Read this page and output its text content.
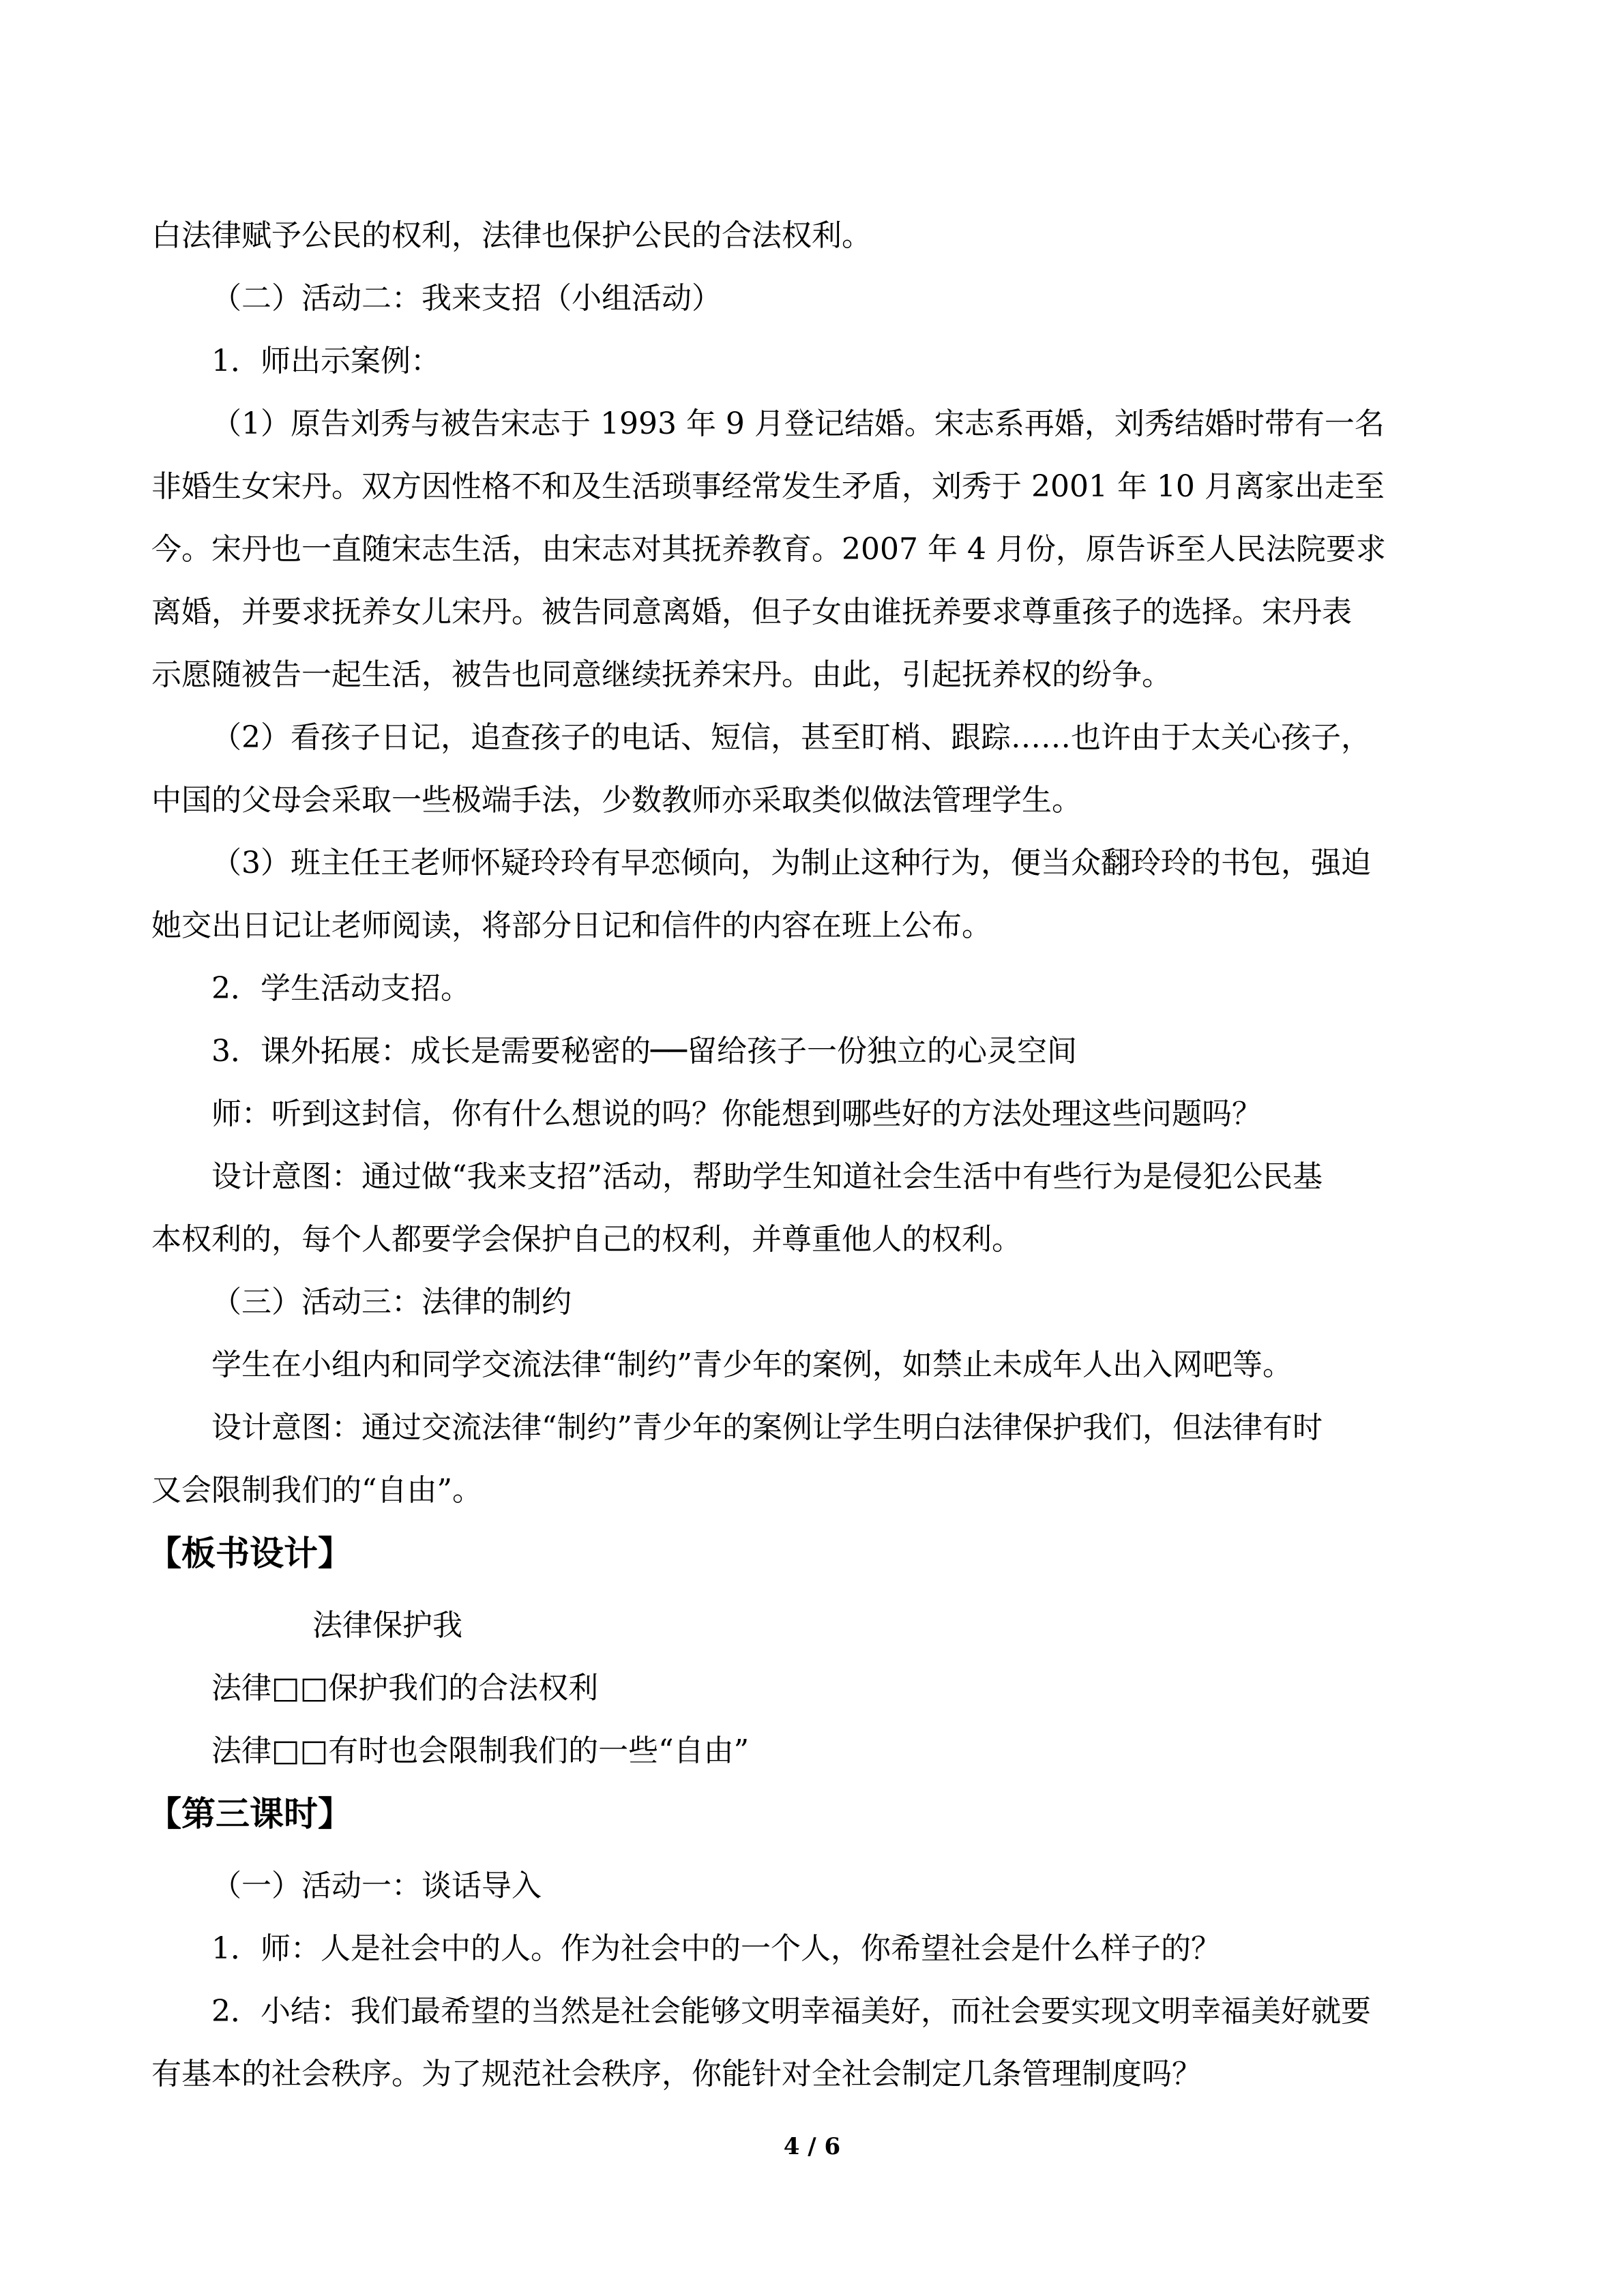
白法律赋予公民的权利，法律也保护公民的合法权利。
（二）活动二：我来支招（小组活动）
1．师出示案例：
（1）原告刘秀与被告宋志于 1993 年 9 月登记结婚。宋志系再婚，刘秀结婚时带有一名
非婚生女宋丹。双方因性格不和及生活琐事经常发生矛盾，刘秀于 2001 年 10 月离家出走至
今。宋丹也一直随宋志生活，由宋志对其抚养教育。2007 年 4 月份，原告诉至人民法院要求
离婚，并要求抚养女儿宋丹。被告同意离婚，但子女由谁抚养要求尊重孩子的选择。宋丹表
示愿随被告一起生活，被告也同意继续抚养宋丹。由此，引起抚养权的纷争。
（2）看孩子日记，追查孩子的电话、短信，甚至盯梢、跟踪……也许由于太关心孩子，
中国的父母会采取一些极端手法，少数教师亦采取类似做法管理学生。
（3）班主任王老师怀疑玲玲有早恋倾向，为制止这种行为，便当众翻玲玲的书包，强迫
她交出日记让老师阅读，将部分日记和信件的内容在班上公布。
2．学生活动支招。
3．课外拓展：成长是需要秘密的──留给孩子一份独立的心灵空间
师：听到这封信，你有什么想说的吗？你能想到哪些好的方法处理这些问题吗？
设计意图：通过做“我来支招”活动，帮助学生知道社会生活中有些行为是侵犯公民基
本权利的，每个人都要学会保护自己的权利，并尊重他人的权利。
（三）活动三：法律的制约
学生在小组内和同学交流法律“制约”青少年的案例，如禁止未成年人出入网吧等。
设计意图：通过交流法律“制约”青少年的案例让学生明白法律保护我们，但法律有时
又会限制我们的“自由”。
【板书设计】
法律保护我
法律□□保护我们的合法权利
法律□□有时也会限制我们的一些“自由”
【第三课时】
（一）活动一：谈话导入
1．师：人是社会中的人。作为社会中的一个人，你希望社会是什么样子的？
2．小结：我们最希望的当然是社会能够文明幸福美好，而社会要实现文明幸福美好就要
有基本的社会秩序。为了规范社会秩序，你能针对全社会制定几条管理制度吗？
4 / 6
